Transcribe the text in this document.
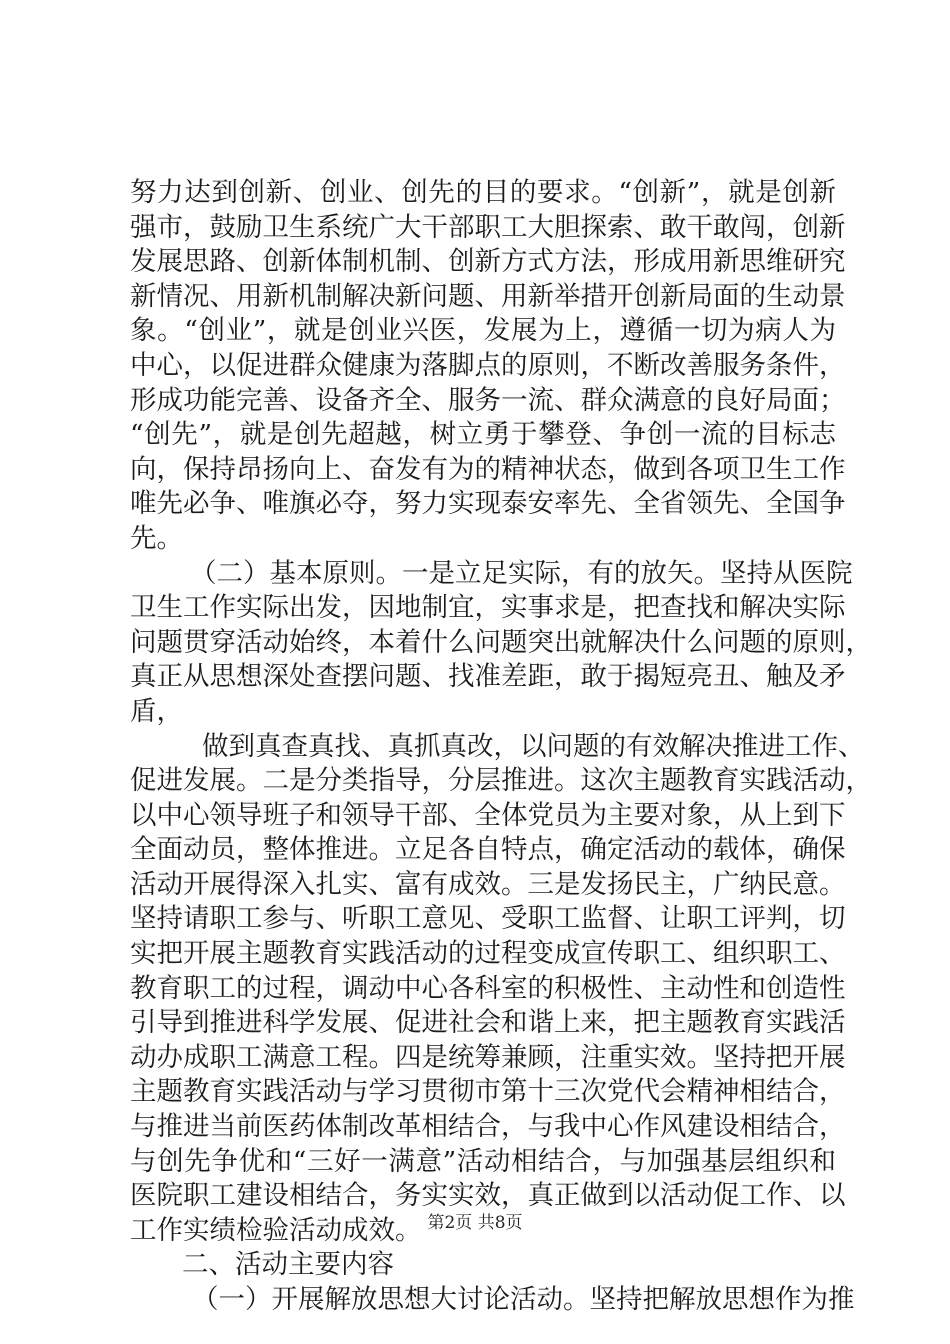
努力达到创新、创业、创先的目的要求。“创新”，就是创新
强市，鼓励卫生系统广大干部职工大胆探索、敢干敢闯，创新
发展思路、创新体制机制、创新方式方法，形成用新思维研究
新情况、用新机制解决新问题、用新举措开创新局面的生动景
象。“创业”，就是创业兴医，发展为上，遵循一切为病人为
中心，以促进群众健康为落脚点的原则，不断改善服务条件，
形成功能完善、设备齐全、服务一流、群众满意的良好局面；
“创先”，就是创先超越，树立勇于攀登、争创一流的目标志
向，保持昂扬向上、奋发有为的精神状态，做到各项卫生工作
唯先必争、唯旗必夺，努力实现泰安率先、全省领先、全国争
先。
（二）基本原则。一是立足实际，有的放矢。坚持从医院
卫生工作实际出发，因地制宜，实事求是，把查找和解决实际
问题贯穿活动始终，本着什么问题突出就解决什么问题的原则，
真正从思想深处查摆问题、找准差距，敢于揭短亮丑、触及矛
盾，
做到真查真找、真抓真改，以问题的有效解决推进工作、
促进发展。二是分类指导，分层推进。这次主题教育实践活动，
以中心领导班子和领导干部、全体党员为主要对象，从上到下
全面动员，整体推进。立足各自特点，确定活动的载体，确保
活动开展得深入扎实、富有成效。三是发扬民主，广纳民意。
坚持请职工参与、听职工意见、受职工监督、让职工评判，切
实把开展主题教育实践活动的过程变成宣传职工、组织职工、
教育职工的过程，调动中心各科室的积极性、主动性和创造性
引导到推进科学发展、促进社会和谐上来，把主题教育实践活
动办成职工满意工程。四是统筹兼顾，注重实效。坚持把开展
主题教育实践活动与学习贯彻市第十三次党代会精神相结合，
与推进当前医药体制改革相结合，与我中心作风建设相结合，
与创先争优和“三好一满意”活动相结合，与加强基层组织和
医院职工建设相结合，务实实效，真正做到以活动促工作、以
工作实绩检验活动成效。
二、活动主要内容
（一）开展解放思想大讨论活动。坚持把解放思想作为推
第2页 共8页
